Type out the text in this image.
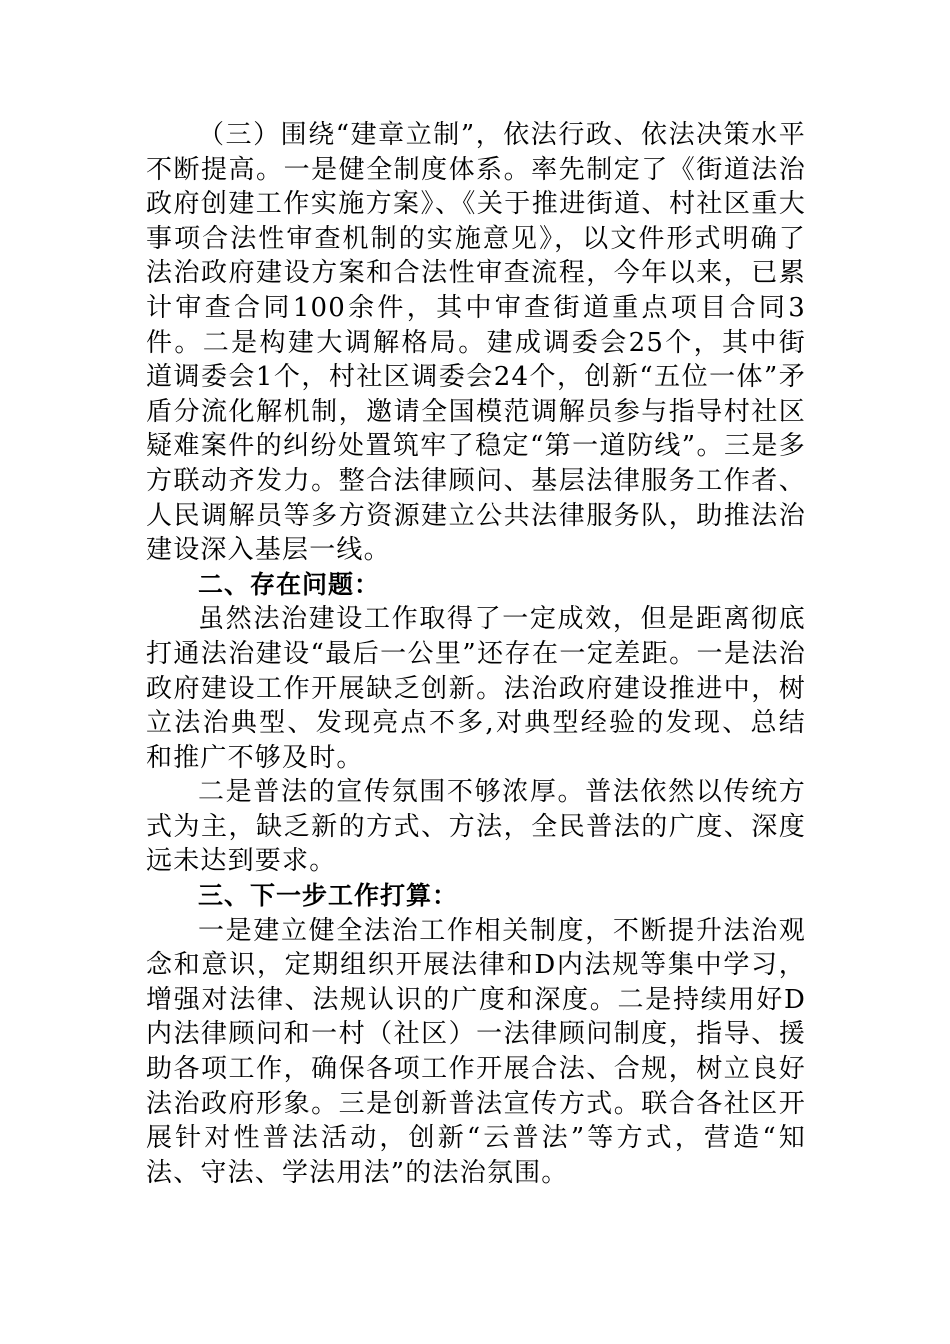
（三）围绕“建章立制”，依法行政、依法决策水平不断提高。一是健全制度体系。率先制定了《街道法治政府创建工作实施方案》、《关于推进街道、村社区重大事项合法性审查机制的实施意见》，以文件形式明确了法治政府建设方案和合法性审查流程，今年以来，已累计审查合同100余件，其中审查街道重点项目合同3件。二是构建大调解格局。建成调委会25个，其中街道调委会1个，村社区调委会24个，创新“五位一体”矛盾分流化解机制，邀请全国模范调解员参与指导村社区疑难案件的纠纷处置筑牢了稳定“第一道防线”。三是多方联动齐发力。整合法律顾问、基层法律服务工作者、人民调解员等多方资源建立公共法律服务队，助推法治建设深入基层一线。

二、存在问题：

虽然法治建设工作取得了一定成效，但是距离彻底打通法治建设“最后一公里”还存在一定差距。一是法治政府建设工作开展缺乏创新。法治政府建设推进中，树立法治典型、发现亮点不多,对典型经验的发现、总结和推广不够及时。

二是普法的宣传氛围不够浓厚。普法依然以传统方式为主，缺乏新的方式、方法，全民普法的广度、深度远未达到要求。

三、下一步工作打算：

一是建立健全法治工作相关制度，不断提升法治观念和意识，定期组织开展法律和D内法规等集中学习，增强对法律、法规认识的广度和深度。二是持续用好D内法律顾问和一村（社区）一法律顾问制度，指导、援助各项工作，确保各项工作开展合法、合规，树立良好法治政府形象。三是创新普法宣传方式。联合各社区开展针对性普法活动，创新“云普法”等方式，营造“知法、守法、学法用法”的法治氛围。
